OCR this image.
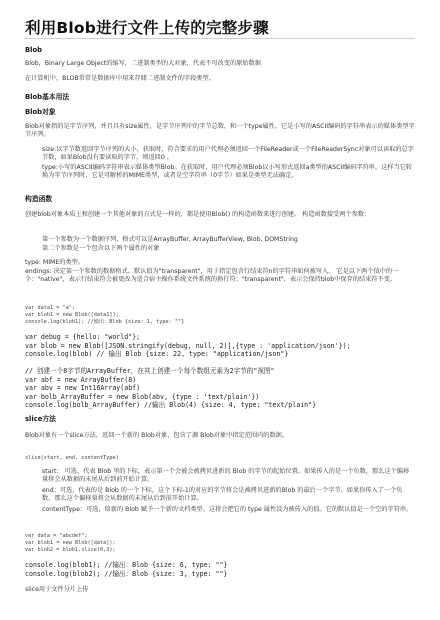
利用Blob进行文件上传的完整步骤
Blob
Blob，Binary Large Object的缩写，二进制类型的大对象，代表不可改变的原始数据
在计算机中，BLOB常常是数据库中用来存储二进制文件的字段类型。
Blob基本用法
Blob对象
Blob对象指的是字节序列，并且具有size属性，是字节序列中的字节总数，和一个type属性，它是小写的ASCII编码的字符串表示的媒体类型字节序列。
size:以字节数返回字节序列的大小。获取时，符合要求的用户代理必须返回一个FileReader或一个FileReaderSync对象可以读取的总字节数，如果Blob没有要读取的字节，则返回0 。
type:小写的ASCII编码字符串表示媒体类型Blob。在获取时，用户代理必须Blob以小写形式返回a类型的ASCII编码字符串，这样当它转换为字节序列时，它是可解析的MIME类型，或者是空字符串（0字节）如果是类型无法确定。
构造函数
创建blob对象本质上和创建一个其他对象的方式是一样的，都是使用Blob() 的构造函数来进行创建。 构造函数接受两个参数：
第一个参数为一个数据序列，格式可以是ArrayBuffer, ArrayBufferView, Blob, DOMString
第二个参数是一个包含以下两个属性的对象
type: MIME的类型。
endings: 决定第一个参数的数据格式。默认值为"transparent"，用于指定包含行结束符n的字符串如何被写入。 它是以下两个值中的一个："native"，表示行结束符会被更改为适合宿主操作系统文件系统的换行符；"transparent"，表示会保持blob中保存的结束符不变。
var data1 = "a";
var blob1 = new Blob([data1]);
console.log(blob1); //输出：Blob {size: 1, type: ""}
var debug = {hello: "world"};
var blob = new Blob([JSON.stringify(debug, null, 2)],{type : 'application/json'});
console.log(blob) // 输出 Blob {size: 22, type: "application/json"}
// 创建一个8字节的ArrayBuffer，在其上创建一个每个数组元素为2字节的"视图"
var abf = new ArrayBuffer(8)
var abv = new Int16Array(abf)
var bolb_ArrayBuffer = new Blob(abv, {type : 'text/plain'})
console.log(bolb_ArrayBuffer) //输出 Blob(4) {size: 4, type: "text/plain"}
slice方法
Blob对象有一个slice方法，返回一个新的 Blob对象，包含了源 Blob对象中指定范围内的数据。
slice(start, end, contentType)
start： 可选，代表 Blob 里的下标，表示第一个会被会被拷贝进新的 Blob 的字节的起始位置。如果传入的是一个负数，那么这个偏移量将会从数据的末尾从后到前开始计算。
end：可选，代表的是 Blob 的一个下标，这个下标-1的对应的字节将会是被拷贝进新的Blob 的最后一个字节。如果你传入了一个负数，那么这个偏移量将会从数据的末尾从后到前开始计算。
contentType：可选，给新的 Blob 赋予一个新的文档类型。这将会把它的 type 属性设为被传入的值。它的默认值是一个空的字符串。
var data = "abcdef";
var blob1 = new Blob([data]);
var blob2 = blob1.slice(0,3);
console.log(blob1); //输出：Blob {size: 6, type: ""}
console.log(blob2); //输出：Blob {size: 3, type: ""}
slice用于文件分片上传
